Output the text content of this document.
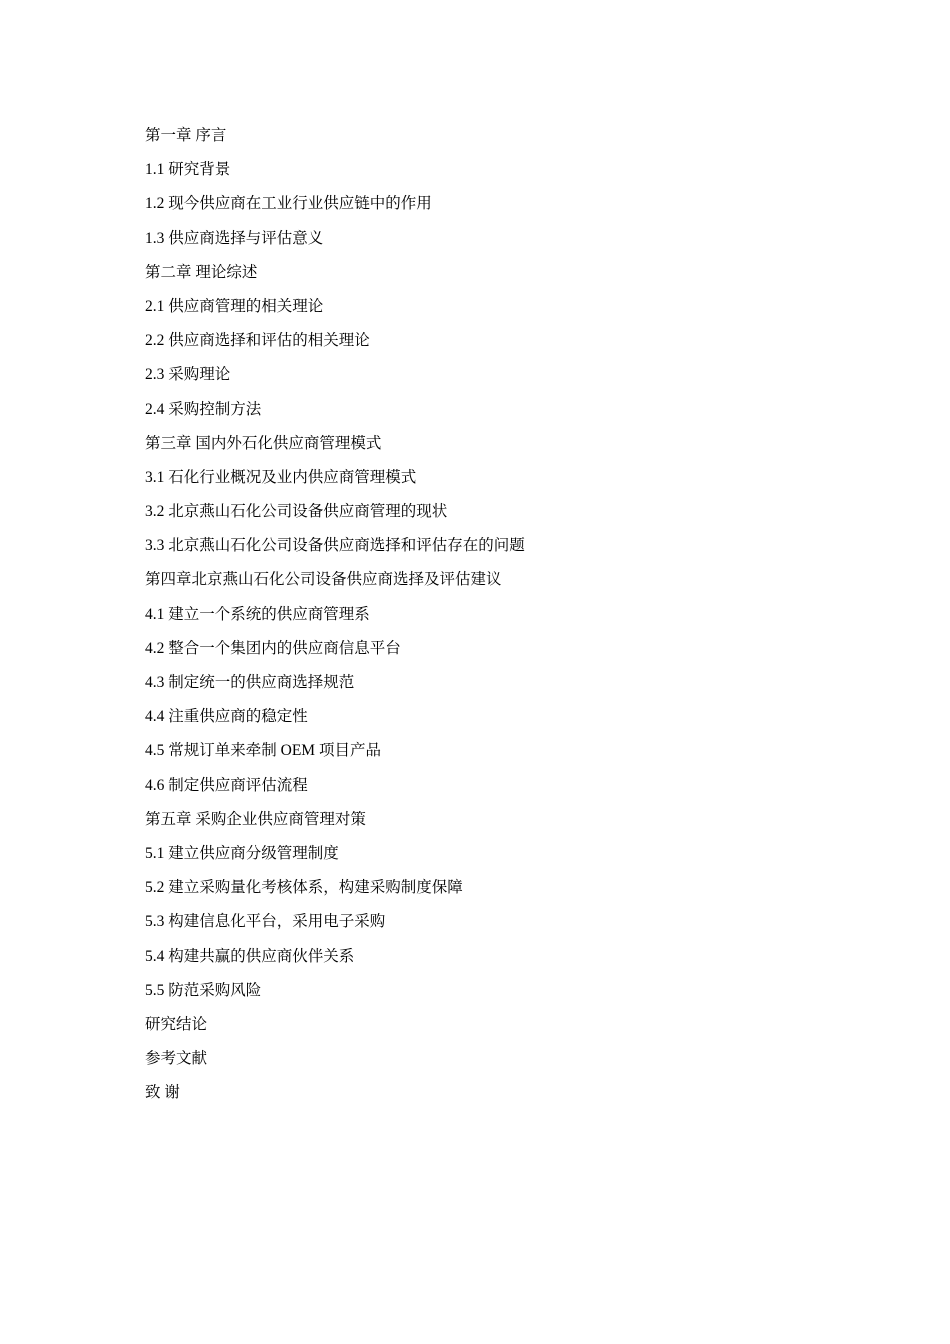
第一章 序言
1.1 研究背景
1.2 现今供应商在工业行业供应链中的作用
1.3 供应商选择与评估意义
第二章 理论综述
2.1 供应商管理的相关理论
2.2 供应商选择和评估的相关理论
2.3 采购理论
2.4 采购控制方法
第三章 国内外石化供应商管理模式
3.1 石化行业概况及业内供应商管理模式
3.2 北京燕山石化公司设备供应商管理的现状
3.3 北京燕山石化公司设备供应商选择和评估存在的问题
第四章北京燕山石化公司设备供应商选择及评估建议
4.1 建立一个系统的供应商管理系
4.2 整合一个集团内的供应商信息平台
4.3 制定统一的供应商选择规范
4.4 注重供应商的稳定性
4.5 常规订单来牵制 OEM 项目产品
4.6 制定供应商评估流程
第五章 采购企业供应商管理对策
5.1 建立供应商分级管理制度
5.2 建立采购量化考核体系，构建采购制度保障
5.3 构建信息化平台，采用电子采购
5.4 构建共赢的供应商伙伴关系
5.5 防范采购风险
研究结论
参考文献
致 谢
